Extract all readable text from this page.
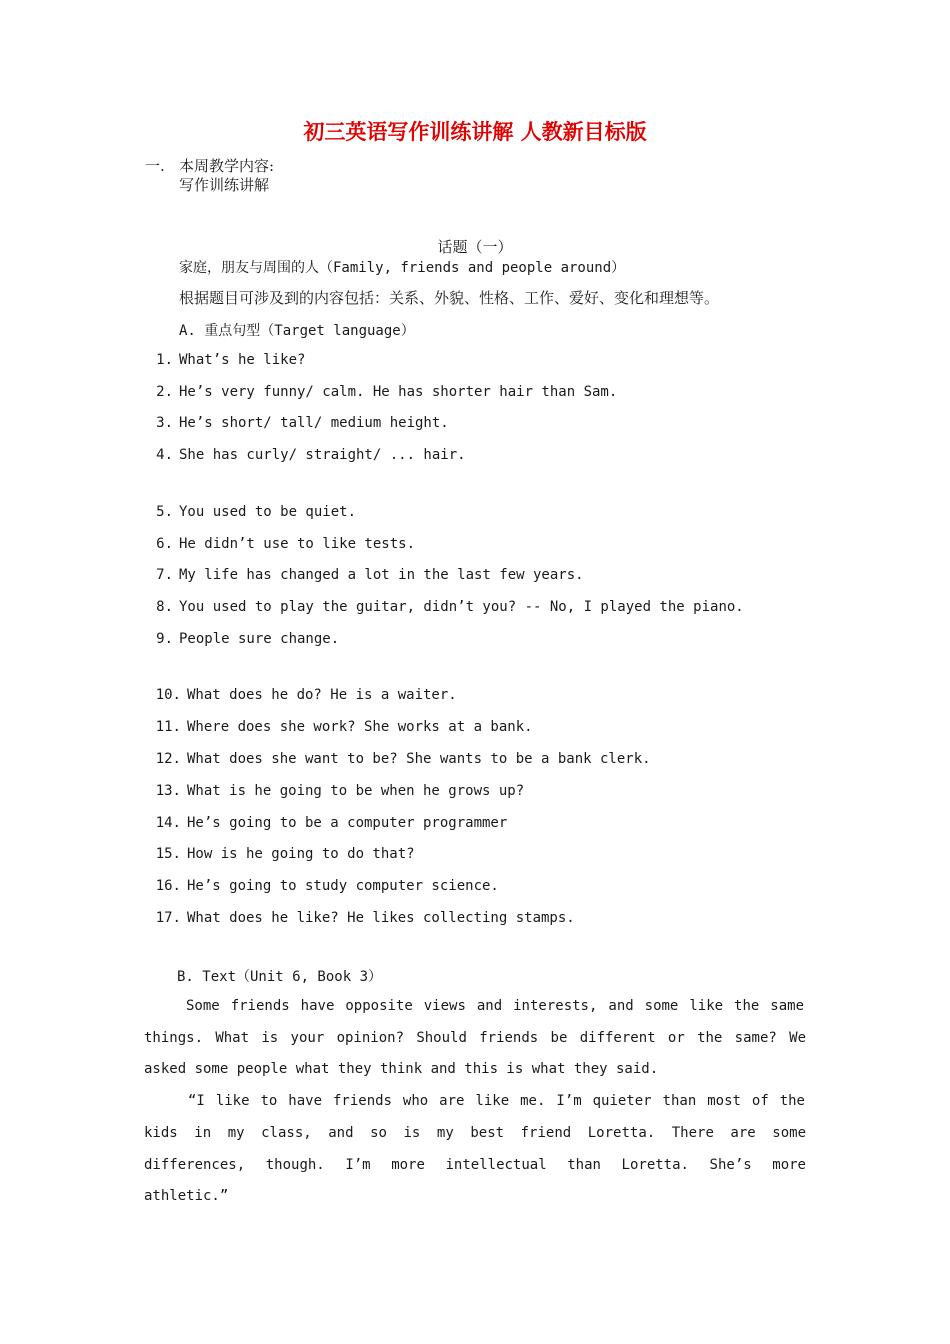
初三英语写作训练讲解 人教新目标版
一. 本周教学内容:
写作训练讲解
话题（一）
家庭，朋友与周围的人（Family, friends and people around）
根据题目可涉及到的内容包括：关系、外貌、性格、工作、爱好、变化和理想等。
A. 重点句型（Target language）
1. What’s he like?
2. He’s very funny/ calm. He has shorter hair than Sam.
3. He’s short/ tall/ medium height.
4. She has curly/ straight/ ... hair.
5. You used to be quiet.
6. He didn’t use to like tests.
7. My life has changed a lot in the last few years.
8. You used to play the guitar, didn’t you? -- No, I played the piano.
9. People sure change.
10. What does he do? He is a waiter.
11. Where does she work? She works at a bank.
12. What does she want to be? She wants to be a bank clerk.
13. What is he going to be when he grows up?
14. He’s going to be a computer programmer
15. How is he going to do that?
16. He’s going to study computer science.
17. What does he like? He likes collecting stamps.
B. Text（Unit 6, Book 3）
Some friends have opposite views and interests, and some like the same
things. What is your opinion? Should friends be different or the same? We
asked some people what they think and this is what they said.
“I like to have friends who are like me. I’m quieter than most of the
kids in my class, and so is my best friend Loretta. There are some
differences, though. I’m more intellectual than Loretta. She’s more
athletic.”
